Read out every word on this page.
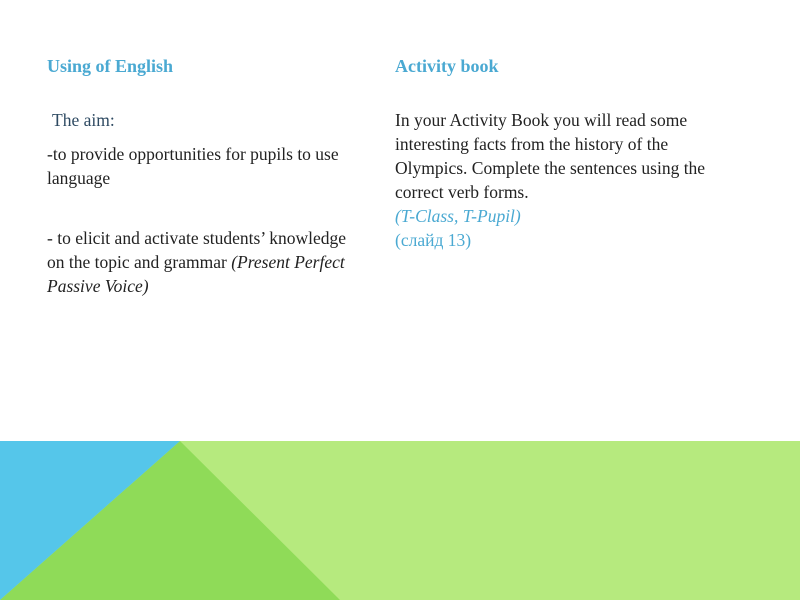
Using of English

The aim:

-to provide opportunities for pupils to use language

- to elicit and activate students’ knowledge on the topic and grammar (Present Perfect Passive Voice)

Activity book

In your Activity Book you will read some interesting facts from the history of the Olympics. Complete the sentences using the correct verb forms.

(T-Class, T-Pupil)

(слайд 13)
